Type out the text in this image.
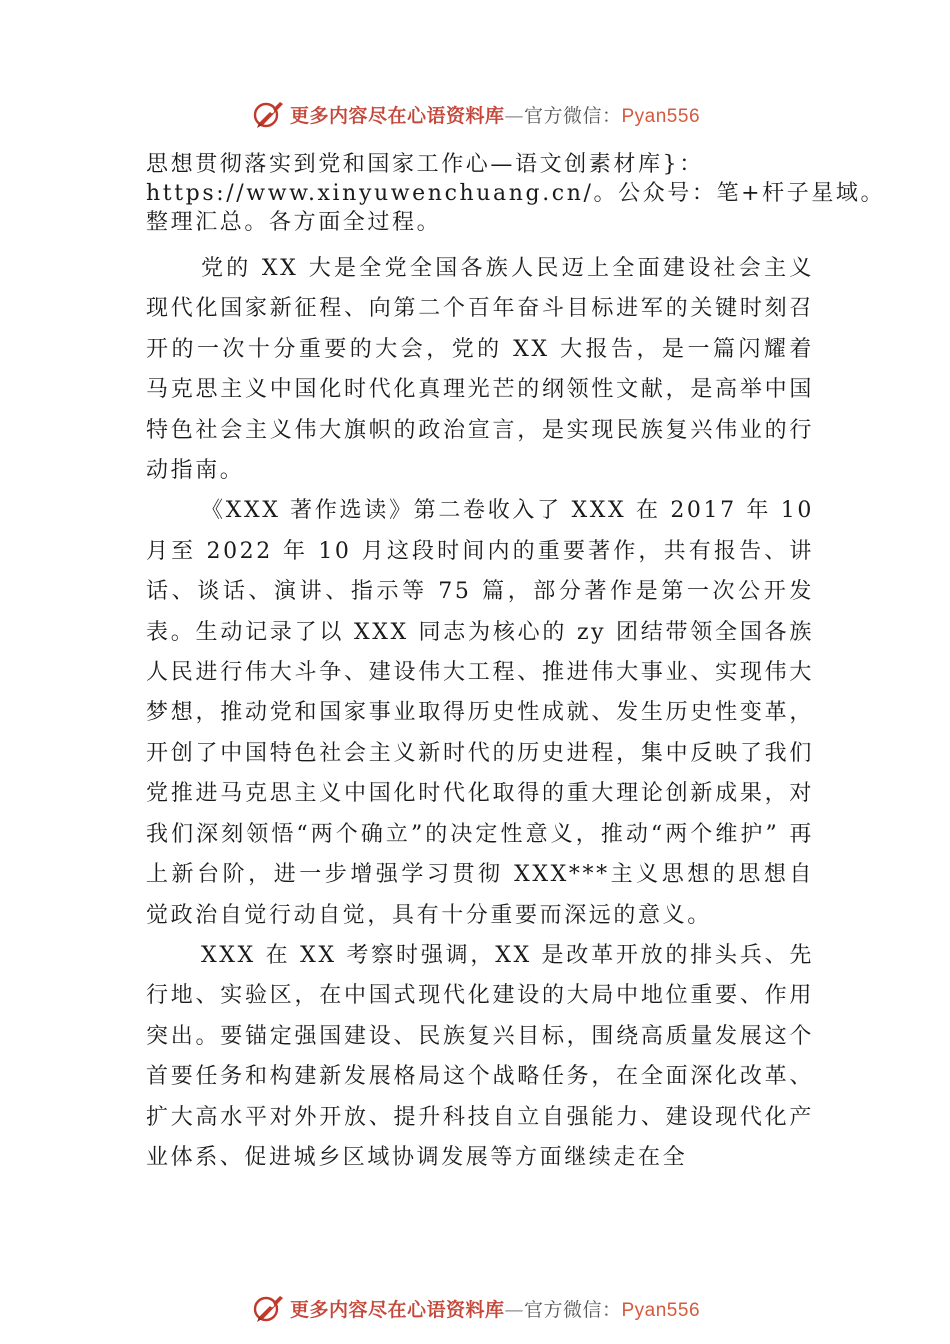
更多内容尽在心语资料库—官方微信：Pyan556
思想贯彻落实到党和国家工作心—语文创素材库}：
https://www.xinyuwenchuang.cn/。公众号：笔+杆子星域。
整理汇总。各方面全过程。

党的 XX 大是全党全国各族人民迈上全面建设社会主义现代化国家新征程、向第二个百年奋斗目标进军的关键时刻召开的一次十分重要的大会，党的 XX 大报告，是一篇闪耀着马克思主义中国化时代化真理光芒的纲领性文献，是高举中国特色社会主义伟大旗帜的政治宣言，是实现民族复兴伟业的行动指南。

《XXX 著作选读》第二卷收入了 XXX 在 2017 年 10 月至 2022 年 10 月这段时间内的重要著作，共有报告、讲话、谈话、演讲、指示等 75 篇，部分著作是第一次公开发表。生动记录了以 XXX 同志为核心的 zy 团结带领全国各族人民进行伟大斗争、建设伟大工程、推进伟大事业、实现伟大梦想，推动党和国家事业取得历史性成就、发生历史性变革，开创了中国特色社会主义新时代的历史进程，集中反映了我们党推进马克思主义中国化时代化取得的重大理论创新成果，对我们深刻领悟“两个确立”的决定性意义，推动“两个维护” 再上新台阶，进一步增强学习贯彻 XXX***主义思想的思想自觉政治自觉行动自觉，具有十分重要而深远的意义。

XXX 在 XX 考察时强调，XX 是改革开放的排头兵、先行地、实验区，在中国式现代化建设的大局中地位重要、作用突出。要锚定强国建设、民族复兴目标，围绕高质量发展这个首要任务和构建新发展格局这个战略任务，在全面深化改革、扩大高水平对外开放、提升科技自立自强能力、建设现代化产业体系、促进城乡区域协调发展等方面继续走在全

更多内容尽在心语资料库—官方微信：Pyan556
